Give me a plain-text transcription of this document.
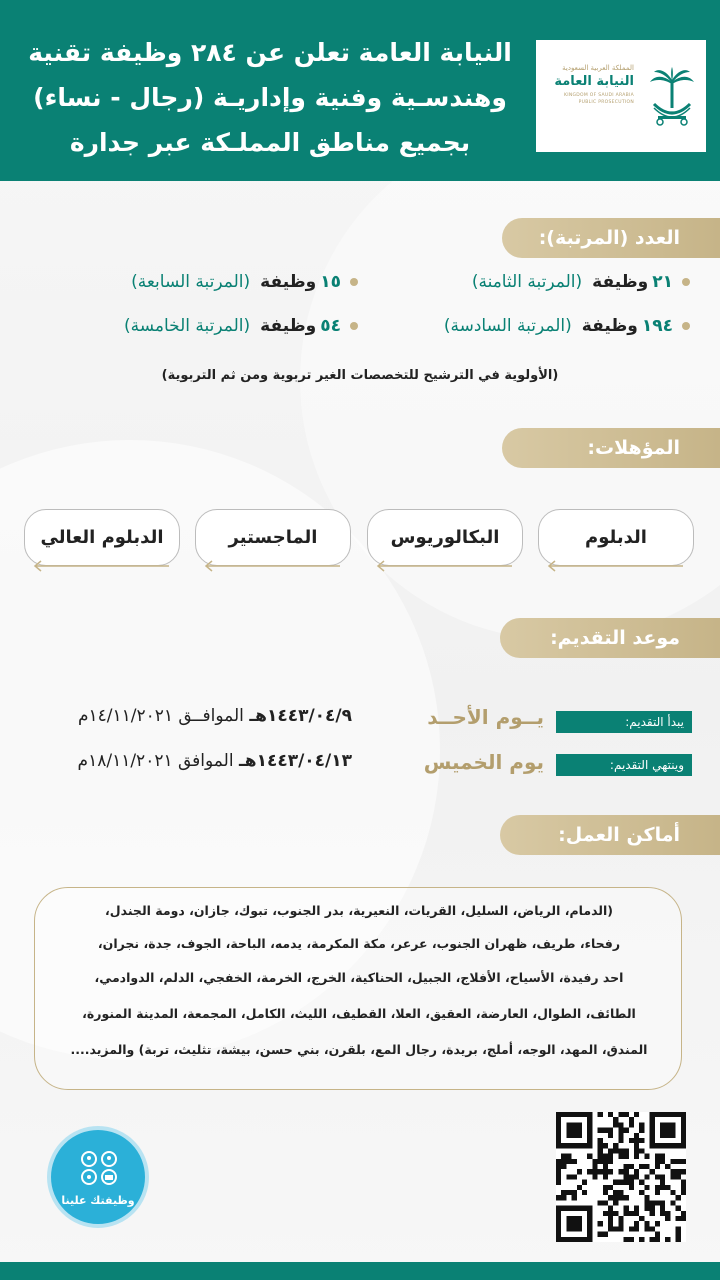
النيابة العامة تعلن عن ٢٨٤ وظيفة تقنية
وهندسـية وفنية وإداريـة (رجال - نساء)
بجميع مناطق المملـكة عبر جدارة
المملكة العربية السعودية
النيابة العامة
KINGDOM OF SAUDI ARABIA
PUBLIC PROSECUTION
العدد (المرتبة):
٢١
وظيفة
(المرتبة الثامنة)
١٥
وظيفة
(المرتبة السابعة)
١٩٤
وظيفة
(المرتبة السادسة)
٥٤
وظيفة
(المرتبة الخامسة)
(الأولوية في الترشيح للتخصصات الغير تربوية ومن ثم التربوية)
المؤهلات:
الدبلوم
البكالوريوس
الماجستير
الدبلوم العالي
موعد التقديم:
يبدأ التقديم:
يــوم الأحــد
١٤٤٣/٠٤/٩هـ الموافــق ١٤/١١/٢٠٢١م
وينتهي التقديم:
يوم الخميس
١٤٤٣/٠٤/١٣هـ الموافق ١٨/١١/٢٠٢١م
أماكن العمل:
(الدمام، الرياض، السليل، القريات، النعيرية، بدر الجنوب، تبوك، جازان، دومة الجندل،
رفحاء، طريف، ظهران الجنوب، عرعر، مكة المكرمة، يدمه، الباحة، الجوف، جدة، نجران،
احد رفيدة، الأسياح، الأفلاج، الجبيل، الحناكية، الخرج، الخرمة، الخفجي، الدلم، الدوادمي،
الطائف، الطوال، العارضة، العقيق، العلا، القطيف، الليث، الكامل، المجمعة، المدينة المنورة،
المندق، المهد، الوجه، أملج، بريدة، رجال المع، بلقرن، بني حسن، بيشة، تثليث، تربة) والمزيد....
وظيفتك علينا
